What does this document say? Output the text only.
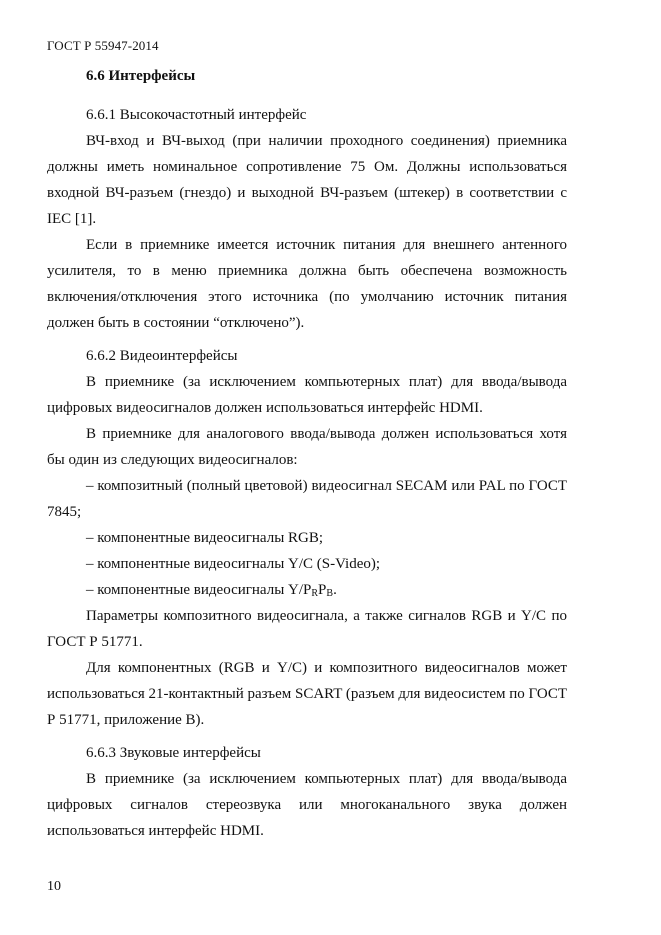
ГОСТ Р 55947-2014

6.6 Интерфейсы

6.6.1 Высокочастотный интерфейс

ВЧ-вход и ВЧ-выход (при наличии проходного соединения) приемника должны иметь номинальное сопротивление 75 Ом. Должны использоваться входной ВЧ-разъем (гнездо) и выходной ВЧ-разъем (штекер) в соответствии с IEC [1].

Если в приемнике имеется источник питания для внешнего антенного усилителя, то в меню приемника должна быть обеспечена возможность включения/отключения этого источника (по умолчанию источник питания должен быть в состоянии “отключено”).

6.6.2 Видеоинтерфейсы

В приемнике (за исключением компьютерных плат) для ввода/вывода цифровых видеосигналов должен использоваться интерфейс HDMI.

В приемнике для аналогового ввода/вывода должен использоваться хотя бы один из следующих видеосигналов:

– композитный (полный цветовой) видеосигнал SECAM или PAL по ГОСТ 7845;

– компонентные видеосигналы RGB;

– компонентные видеосигналы Y/C (S-Video);

– компонентные видеосигналы $Y/P_RP_B$.

Параметры композитного видеосигнала, а также сигналов RGB и Y/C по ГОСТ Р 51771.

Для компонентных (RGB и Y/C) и композитного видеосигналов может использоваться 21-контактный разъем SCART (разъем для видеосистем по ГОСТ Р 51771, приложение В).

6.6.3 Звуковые интерфейсы

В приемнике (за исключением компьютерных плат) для ввода/вывода цифровых сигналов стереозвука или многоканального звука должен использоваться интерфейс HDMI.

10
